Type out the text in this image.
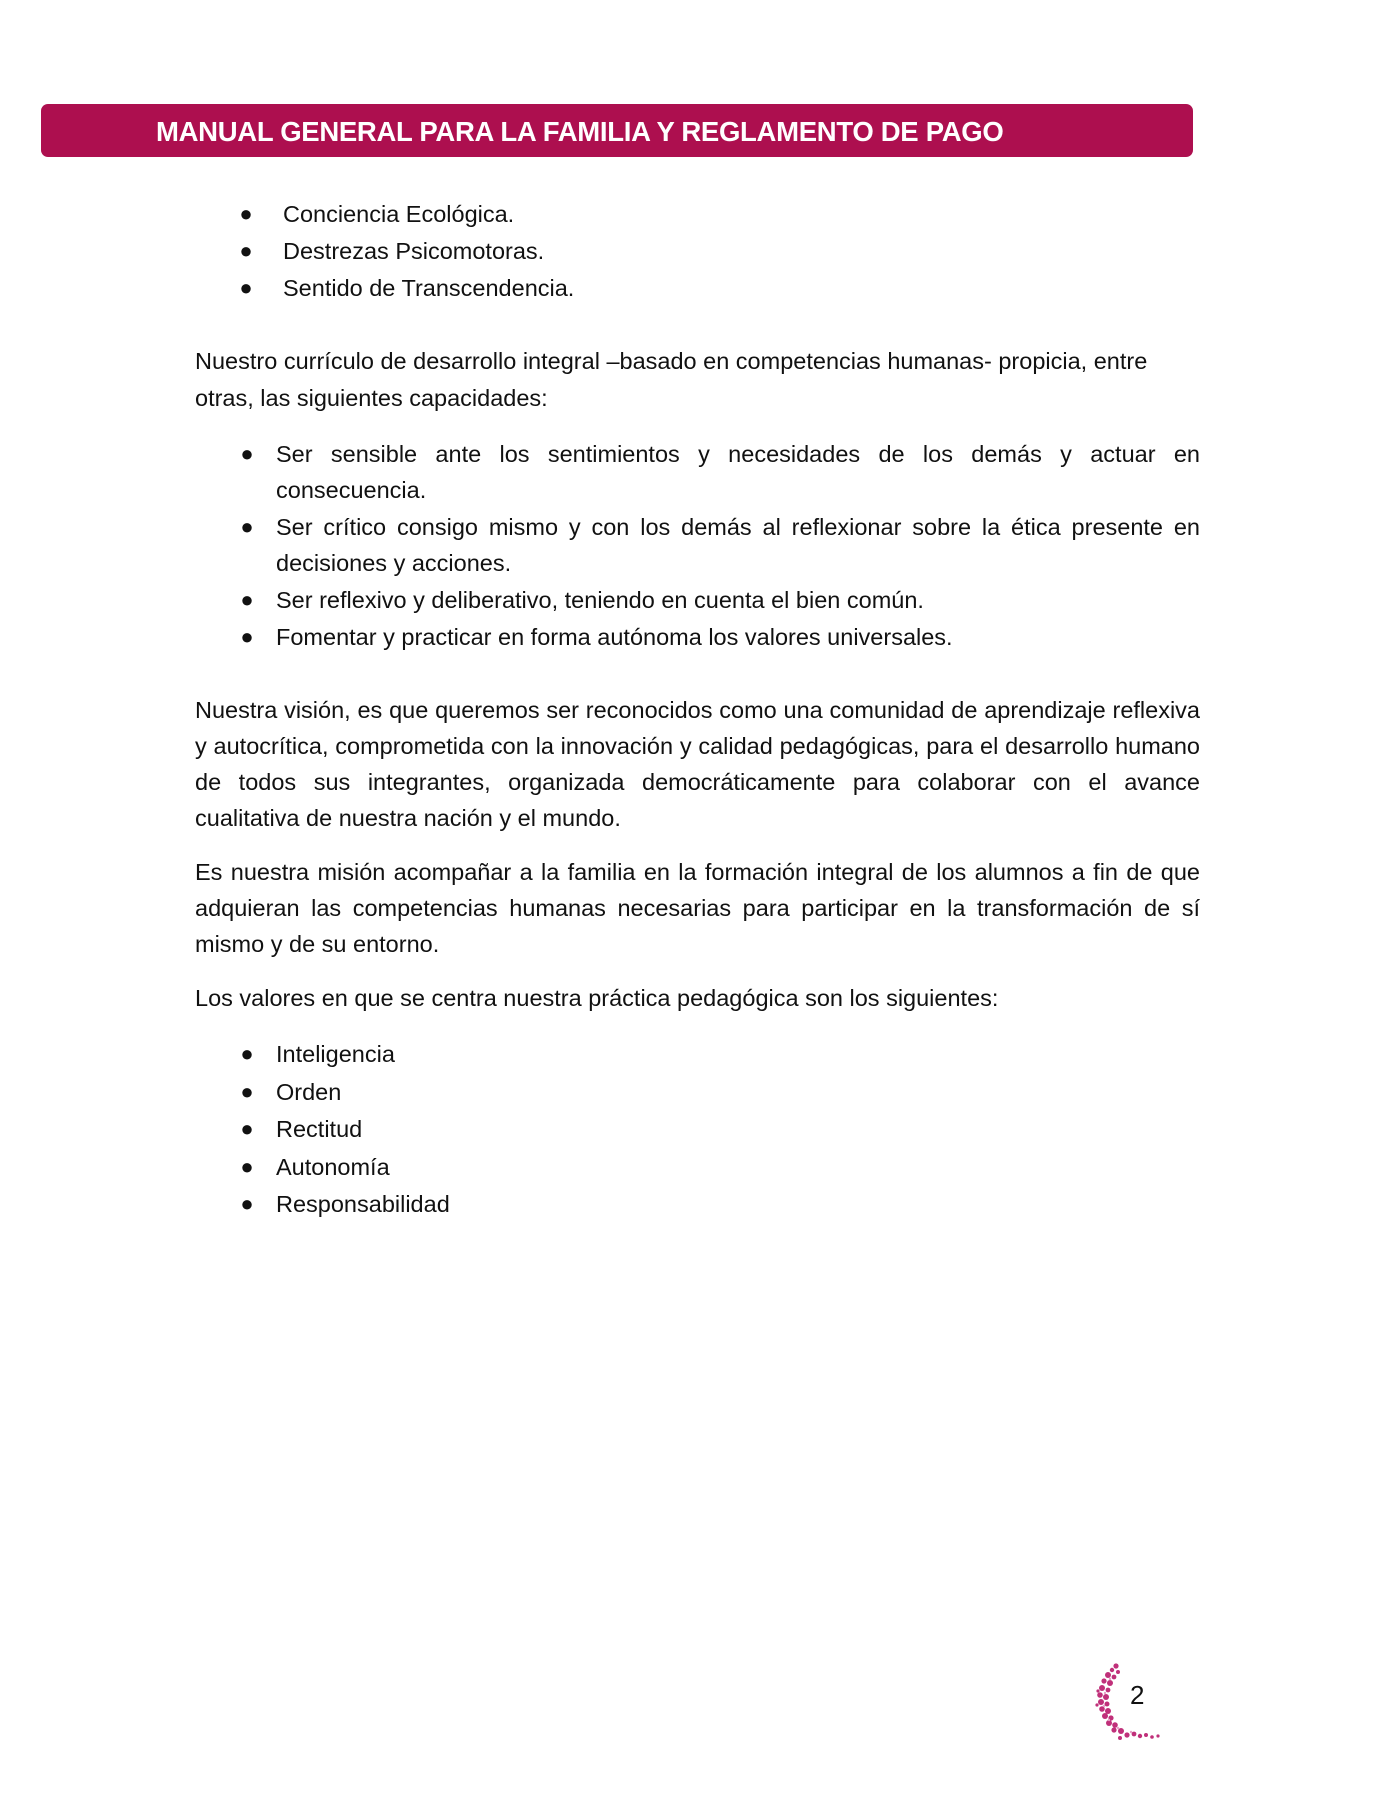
MANUAL GENERAL PARA LA FAMILIA Y REGLAMENTO DE PAGO
● Conciencia Ecológica.
● Destrezas Psicomotoras.
● Sentido de Transcendencia.

Nuestro currículo de desarrollo integral –basado en competencias humanas- propicia, entre otras, las siguientes capacidades:

● Ser sensible ante los sentimientos y necesidades de los demás y actuar en consecuencia.
● Ser crítico consigo mismo y con los demás al reflexionar sobre la ética presente en decisiones y acciones.
● Ser reflexivo y deliberativo, teniendo en cuenta el bien común.
● Fomentar y practicar en forma autónoma los valores universales.

Nuestra visión, es que queremos ser reconocidos como una comunidad de aprendizaje reflexiva y autocrítica, comprometida con la innovación y calidad pedagógicas, para el desarrollo humano de todos sus integrantes, organizada democráticamente para colaborar con el avance cualitativa de nuestra nación y el mundo.

Es nuestra misión acompañar a la familia en la formación integral de los alumnos a fin de que adquieran las competencias humanas necesarias para participar en la transformación de sí mismo y de su entorno.

Los valores en que se centra nuestra práctica pedagógica son los siguientes:

● Inteligencia
● Orden
● Rectitud
● Autonomía
● Responsabilidad
2
